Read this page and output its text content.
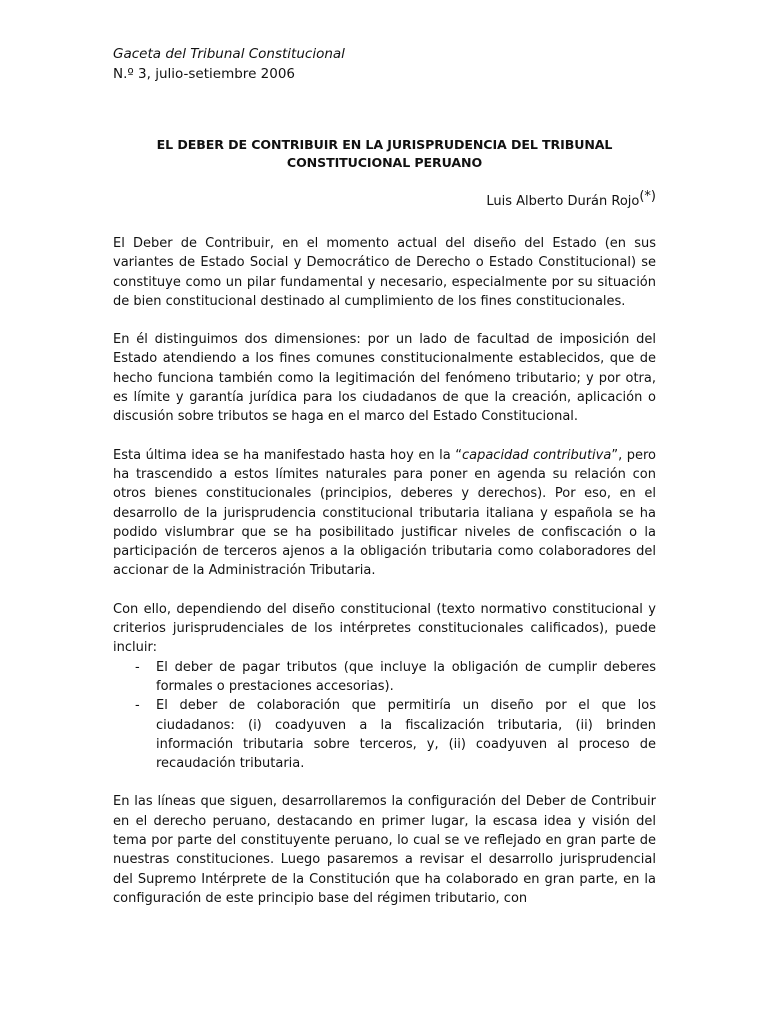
Gaceta del Tribunal Constitucional
N.º 3, julio-setiembre 2006

EL DEBER DE CONTRIBUIR EN LA JURISPRUDENCIA DEL TRIBUNAL
CONSTITUCIONAL PERUANO
Luis Alberto Durán Rojo(*)

El Deber de Contribuir, en el momento actual del diseño del Estado (en sus variantes de Estado Social y Democrático de Derecho o Estado Constitucional) se constituye como un pilar fundamental y necesario, especialmente por su situación de bien constitucional destinado al cumplimiento de los fines constitucionales.

En él distinguimos dos dimensiones: por un lado de facultad de imposición del Estado atendiendo a los fines comunes constitucionalmente establecidos, que de hecho funciona también como la legitimación del fenómeno tributario; y por otra, es límite y garantía jurídica para los ciudadanos de que la creación, aplicación o discusión sobre tributos se haga en el marco del Estado Constitucional.

Esta última idea se ha manifestado hasta hoy en la “capacidad contributiva”, pero ha trascendido a estos límites naturales para poner en agenda su relación con otros bienes constitucionales (principios, deberes y derechos). Por eso, en el desarrollo de la jurisprudencia constitucional tributaria italiana y española se ha podido vislumbrar que se ha posibilitado justificar niveles de confiscación o la participación de terceros ajenos a la obligación tributaria como colaboradores del accionar de la Administración Tributaria.

Con ello, dependiendo del diseño constitucional (texto normativo constitucional y criterios jurisprudenciales de los intérpretes constitucionales calificados), puede incluir:

- El deber de pagar tributos (que incluye la obligación de cumplir deberes formales o prestaciones accesorias).
- El deber de colaboración que permitiría un diseño por el que los ciudadanos: (i) coadyuven a la fiscalización tributaria, (ii) brinden información tributaria sobre terceros, y, (ii) coadyuven al proceso de recaudación tributaria.

En las líneas que siguen, desarrollaremos la configuración del Deber de Contribuir en el derecho peruano, destacando en primer lugar, la escasa idea y visión del tema por parte del constituyente peruano, lo cual se ve reflejado en gran parte de nuestras constituciones. Luego pasaremos a revisar el desarrollo jurisprudencial del Supremo Intérprete de la Constitución que ha colaborado en gran parte, en la configuración de este principio base del régimen tributario, con
